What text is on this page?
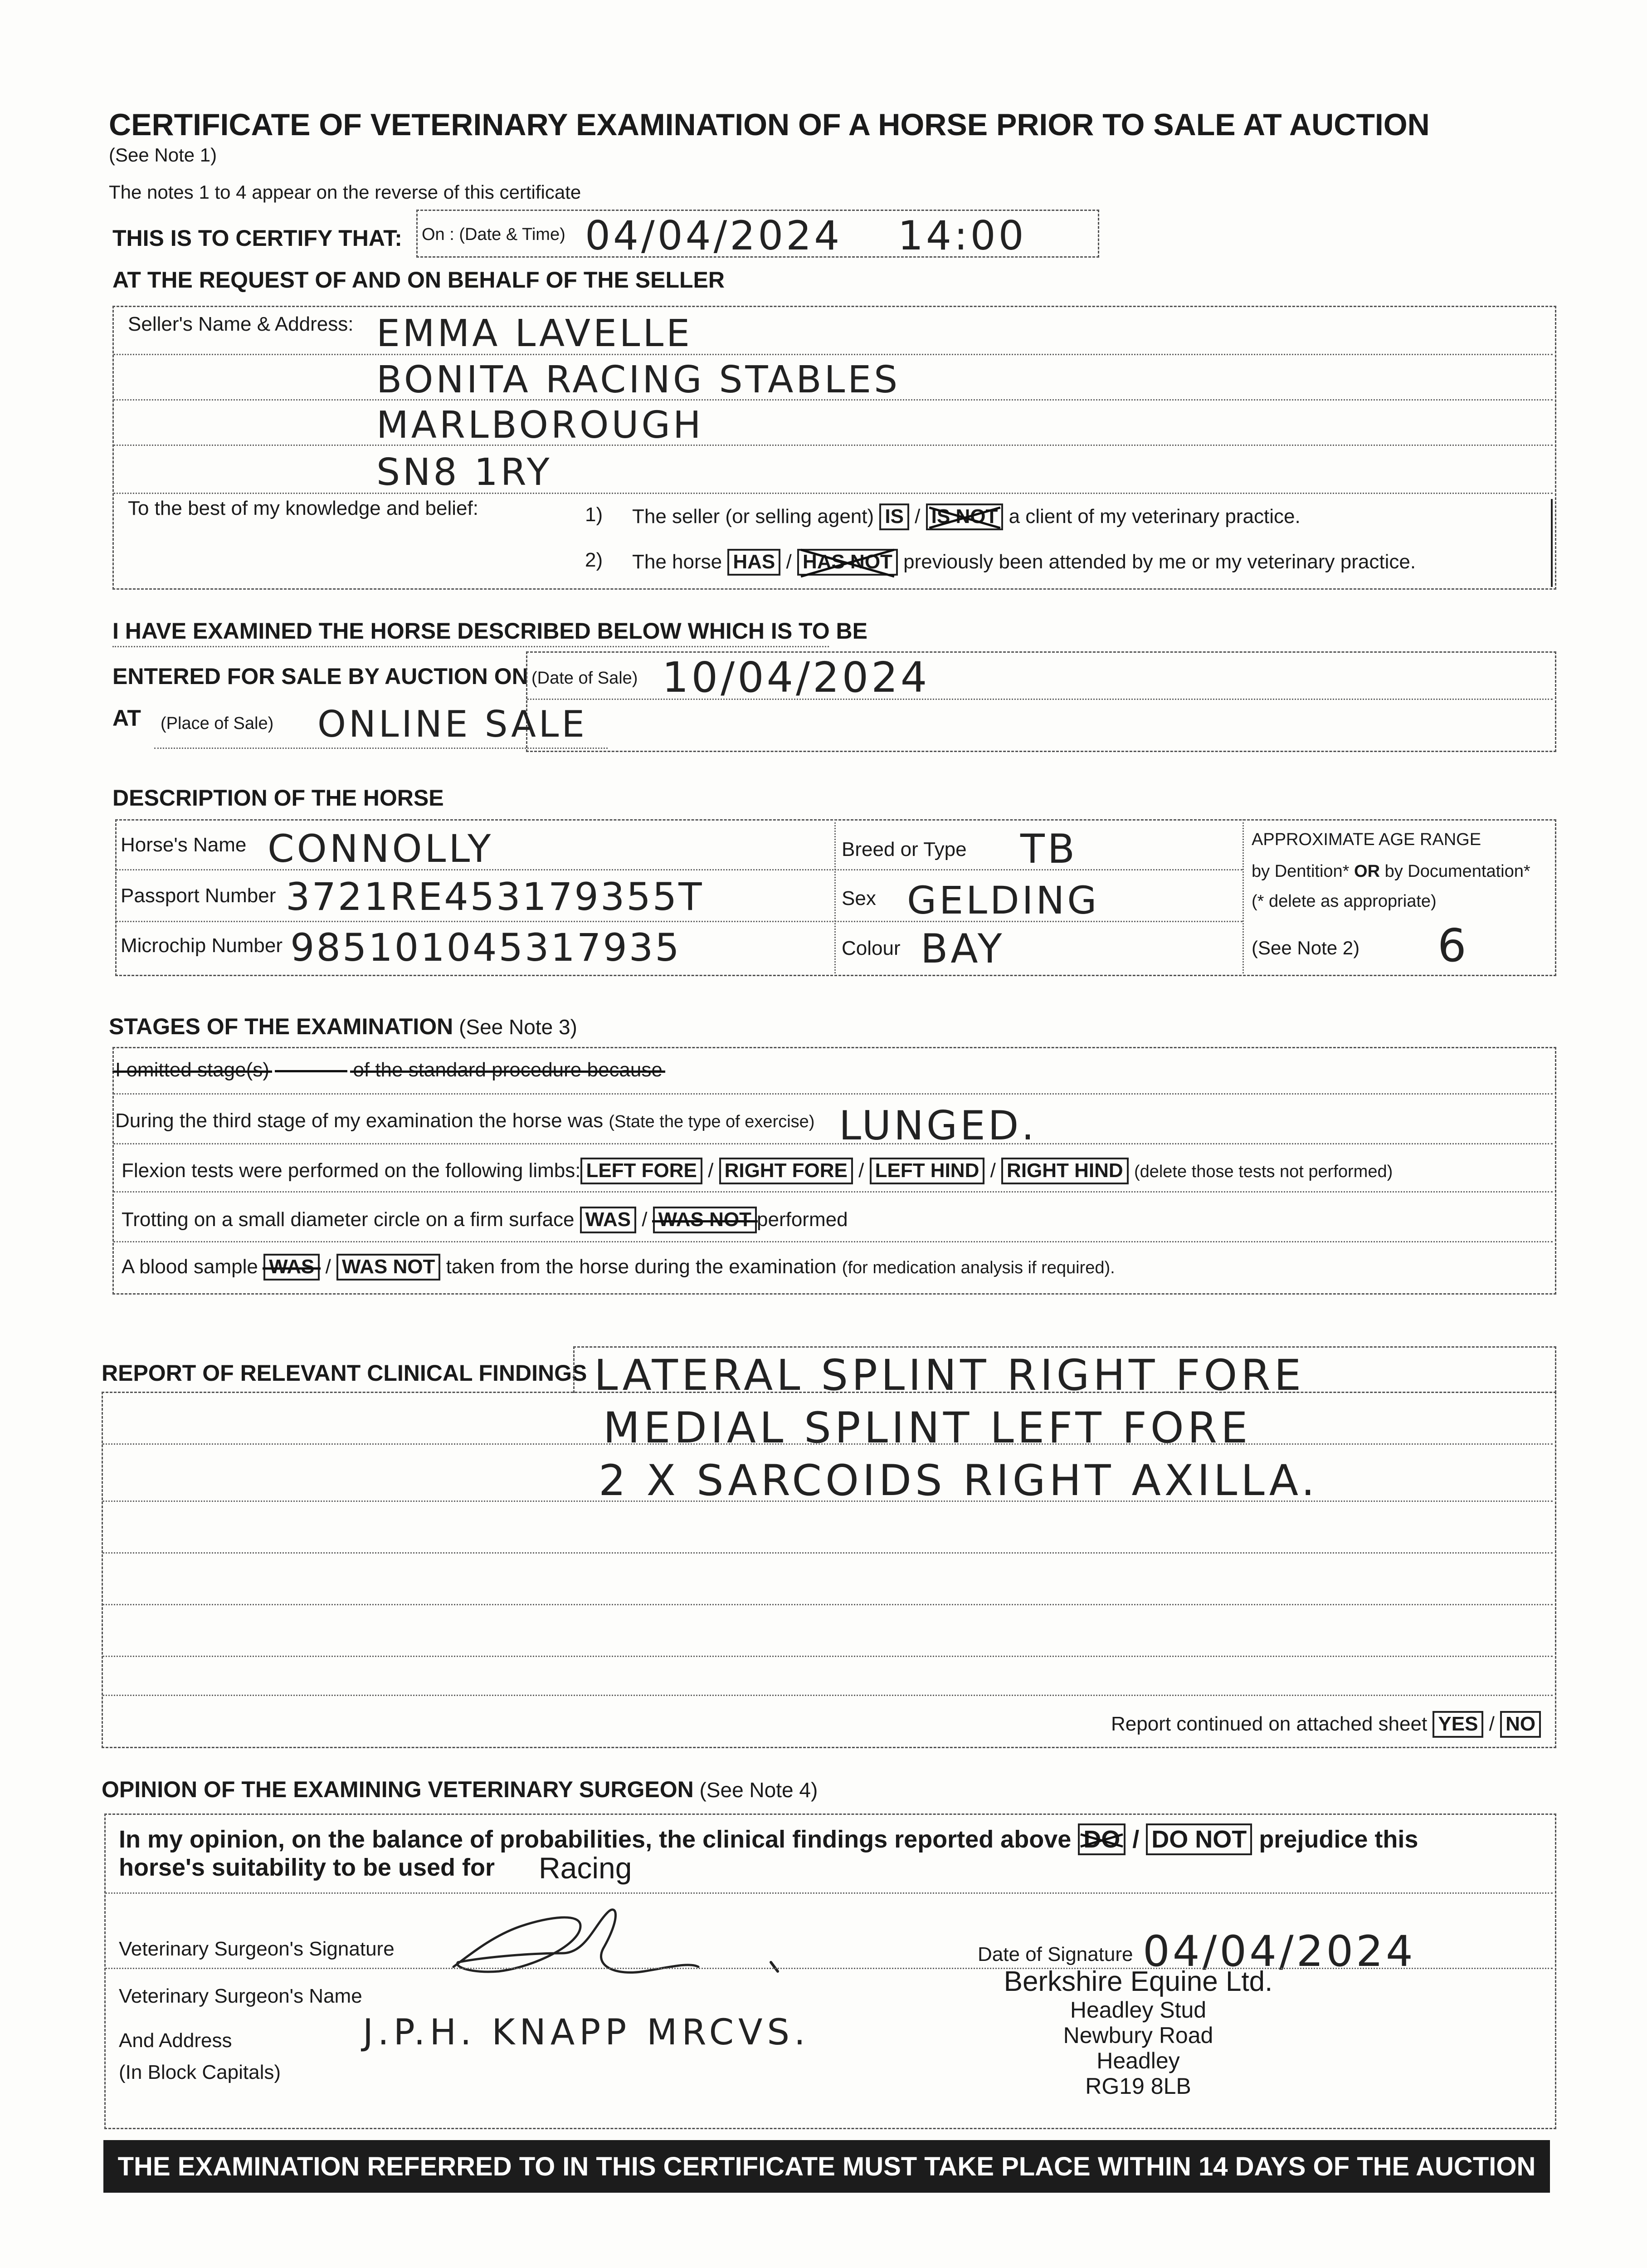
CERTIFICATE OF VETERINARY EXAMINATION OF A HORSE PRIOR TO SALE AT AUCTION
(See Note 1)
The notes 1 to 4 appear on the reverse of this certificate
THIS IS TO CERTIFY THAT: On : (Date & Time) 04/04/2024 14:00
AT THE REQUEST OF AND ON BEHALF OF THE SELLER
Seller's Name & Address: EMMA LAVELLE
BONITA RACING STABLES
MARLBOROUGH
SN8 1RY
To the best of my knowledge and belief:	1) The seller (or selling agent) IS / IS NOT a client of my veterinary practice.
2) The horse HAS / HAS NOT previously been attended by me or my veterinary practice.
I HAVE EXAMINED THE HORSE DESCRIBED BELOW WHICH IS TO BE
ENTERED FOR SALE BY AUCTION ON (Date of Sale) 10/04/2024
AT (Place of Sale) ONLINE SALE
DESCRIPTION OF THE HORSE
Horse's Name CONNOLLY
Passport Number 3721RE453179355T
Microchip Number 985101045317935
Breed or Type TB
Sex GELDING
Colour BAY
APPROXIMATE AGE RANGE
by Dentition* OR by Documentation*
(* delete as appropriate)
(See Note 2) 6
STAGES OF THE EXAMINATION (See Note 3)
I omitted stage(s)	of the standard procedure because
During the third stage of my examination the horse was (State the type of exercise) LUNGED.
Flexion tests were performed on the following limbs: LEFT FORE / RIGHT FORE / LEFT HIND / RIGHT HIND (delete those tests not performed)
Trotting on a small diameter circle on a firm surface WAS / WAS NOT performed
A blood sample WAS / WAS NOT taken from the horse during the examination (for medication analysis if required).
REPORT OF RELEVANT CLINICAL FINDINGS LATERAL SPLINT RIGHT FORE
MEDIAL SPLINT LEFT FORE
2 X SARCOIDS RIGHT AXILLA.
Report continued on attached sheet YES / NO
OPINION OF THE EXAMINING VETERINARY SURGEON (See Note 4)
In my opinion, on the balance of probabilities, the clinical findings reported above DO / DO NOT prejudice this
horse's suitability to be used for Racing
Veterinary Surgeon's Signature	Date of Signature 04/04/2024
Veterinary Surgeon's Name
And Address
(In Block Capitals)
J.P.H. KNAPP MRCVS.
Berkshire Equine Ltd.
Headley Stud
Newbury Road
Headley
RG19 8LB
THE EXAMINATION REFERRED TO IN THIS CERTIFICATE MUST TAKE PLACE WITHIN 14 DAYS OF THE AUCTION
